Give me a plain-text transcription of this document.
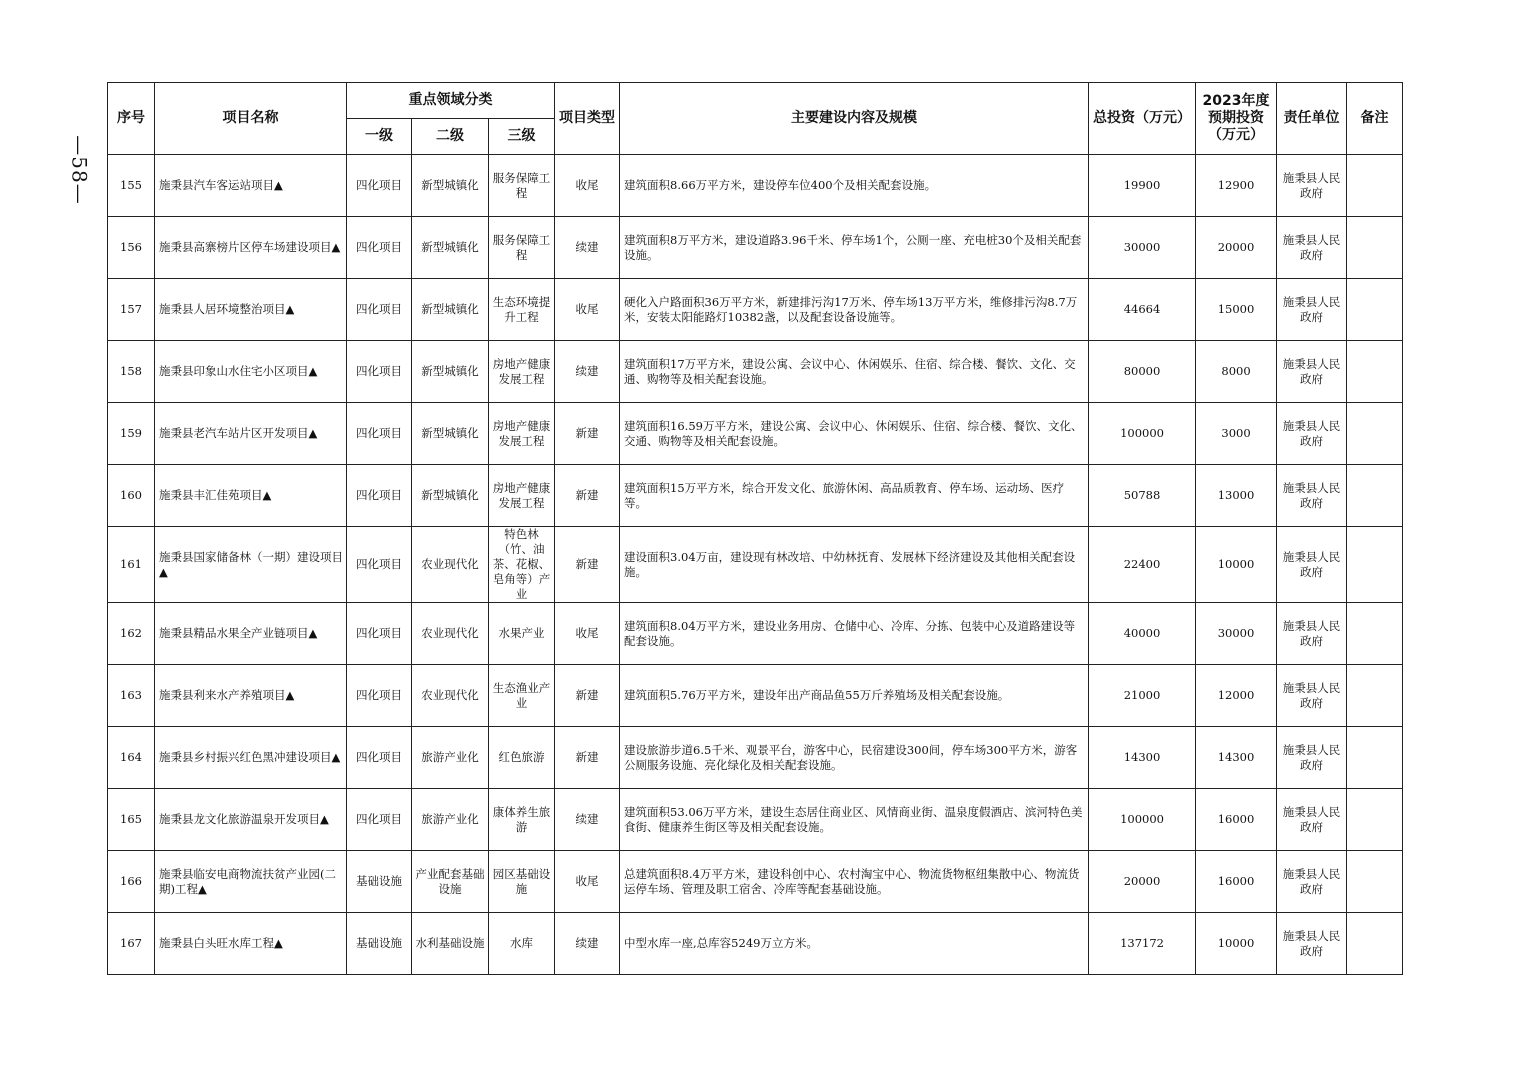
—58—
序号	项目名称	重点领域分类			项目类型	主要建设内容及规模	总投资（万元）	2023年度预期投资（万元）	责任单位	备注
		一级	二级	三级						
155	施秉县汽车客运站项目▲	四化项目	新型城镇化	服务保障工程	收尾	建筑面积8.66万平方米，建设停车位400个及相关配套设施。	19900	12900	施秉县人民政府	
156	施秉县高寨榜片区停车场建设项目▲	四化项目	新型城镇化	服务保障工程	续建	建筑面积8万平方米，建设道路3.96千米、停车场1个，公厕一座、充电桩30个及相关配套设施。	30000	20000	施秉县人民政府	
157	施秉县人居环境整治项目▲	四化项目	新型城镇化	生态环境提升工程	收尾	硬化入户路面积36万平方米，新建排污沟17万米、停车场13万平方米，维修排污沟8.7万米，安装太阳能路灯10382盏，以及配套设备设施等。	44664	15000	施秉县人民政府	
158	施秉县印象山水住宅小区项目▲	四化项目	新型城镇化	房地产健康发展工程	续建	建筑面积17万平方米，建设公寓、会议中心、休闲娱乐、住宿、综合楼、餐饮、文化、交通、购物等及相关配套设施。	80000	8000	施秉县人民政府	
159	施秉县老汽车站片区开发项目▲	四化项目	新型城镇化	房地产健康发展工程	新建	建筑面积16.59万平方米，建设公寓、会议中心、休闲娱乐、住宿、综合楼、餐饮、文化、交通、购物等及相关配套设施。	100000	3000	施秉县人民政府	
160	施秉县丰汇佳苑项目▲	四化项目	新型城镇化	房地产健康发展工程	新建	建筑面积15万平方米，综合开发文化、旅游休闲、高品质教育、停车场、运动场、医疗等。	50788	13000	施秉县人民政府	
161	施秉县国家储备林（一期）建设项目▲	四化项目	农业现代化	特色林（竹、油茶、花椒、皂角等）产业	新建	建设面积3.04万亩，建设现有林改培、中幼林抚育、发展林下经济建设及其他相关配套设施。	22400	10000	施秉县人民政府	
162	施秉县精品水果全产业链项目▲	四化项目	农业现代化	水果产业	收尾	建筑面积8.04万平方米，建设业务用房、仓储中心、冷库、分拣、包装中心及道路建设等配套设施。	40000	30000	施秉县人民政府	
163	施秉县利来水产养殖项目▲	四化项目	农业现代化	生态渔业产业	新建	建筑面积5.76万平方米，建设年出产商品鱼55万斤养殖场及相关配套设施。	21000	12000	施秉县人民政府	
164	施秉县乡村振兴红色黑冲建设项目▲	四化项目	旅游产业化	红色旅游	新建	建设旅游步道6.5千米、观景平台，游客中心，民宿建设300间，停车场300平方米，游客公厕服务设施、亮化绿化及相关配套设施。	14300	14300	施秉县人民政府	
165	施秉县龙文化旅游温泉开发项目▲	四化项目	旅游产业化	康体养生旅游	续建	建筑面积53.06万平方米，建设生态居住商业区、风情商业街、温泉度假酒店、滨河特色美食街、健康养生街区等及相关配套设施。	100000	16000	施秉县人民政府	
166	施秉县临安电商物流扶贫产业园(二期)工程▲	基础设施	产业配套基础设施	园区基础设施	收尾	总建筑面积8.4万平方米，建设科创中心、农村淘宝中心、物流货物枢纽集散中心、物流货运停车场、管理及职工宿舍、冷库等配套基础设施。	20000	16000	施秉县人民政府	
167	施秉县白头旺水库工程▲	基础设施	水利基础设施	水库	续建	中型水库一座,总库容5249万立方米。	137172	10000	施秉县人民政府	
